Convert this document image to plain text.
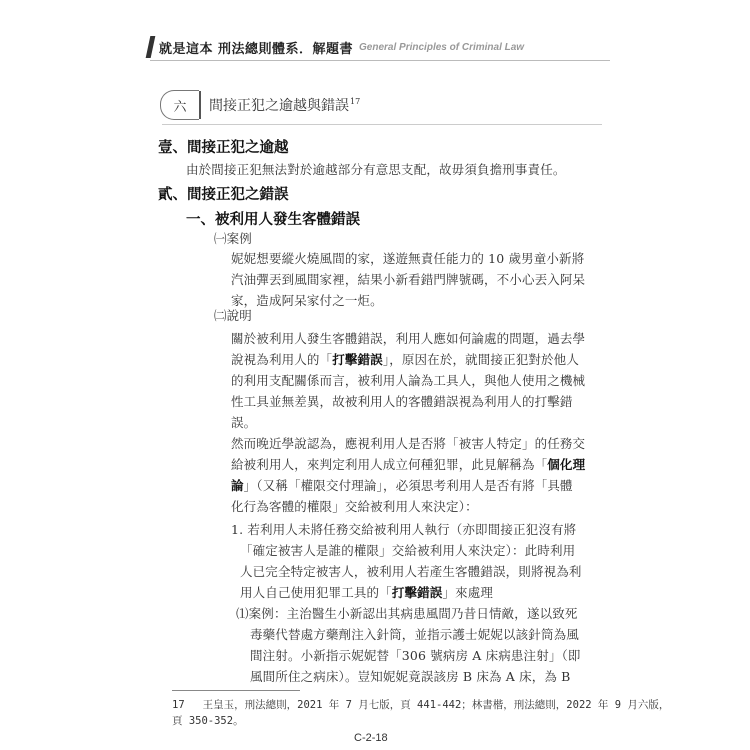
就是這本 刑法總則體系．解題書 General Principles of Criminal Law
六	間接正犯之逾越與錯誤$^{17}$
壹、間接正犯之逾越
由於間接正犯無法對於逾越部分有意思支配，故毋須負擔刑事責任。
貳、間接正犯之錯誤
一、被利用人發生客體錯誤
㈠案例
妮妮想要縱火燒風間的家，遂遊無責任能力的 10 歲男童小新將
汽油彈丟到風間家裡，結果小新看錯門牌號碼，不小心丟入阿呆
家，造成阿呆家付之一炬。
㈡說明
關於被利用人發生客體錯誤，利用人應如何論處的問題，過去學
說視為利用人的「打擊錯誤」，原因在於，就間接正犯對於他人
的利用支配關係而言，被利用人論為工具人，與他人使用之機械
性工具並無差異，故被利用人的客體錯誤視為利用人的打擊錯
誤。
然而晚近學說認為，應視利用人是否將「被害人特定」的任務交
給被利用人，來判定利用人成立何種犯罪，此見解稱為「個化理
論」（又稱「權限交付理論」，必須思考利用人是否有將「具體
化行為客體的權限」交給被利用人來決定）：
1. 若利用人未將任務交給被利用人執行（亦即間接正犯沒有將
「確定被害人是誰的權限」交給被利用人來決定）：此時利用
人已完全特定被害人，被利用人若產生客體錯誤，則將視為利
用人自己使用犯罪工具的「打擊錯誤」來處理
⑴案例：主治醫生小新認出其病患風間乃昔日情敵，遂以致死
毒藥代替處方藥劑注入針筒，並指示護士妮妮以該針筒為風
間注射。小新指示妮妮替「306 號病房 A 床病患注射」（即
風間所住之病床）。豈知妮妮竟誤該房 B 床為 A 床，為 B
17 王皇玉，刑法總則，2021 年 7 月七版，頁 441-442；林書楷，刑法總則，2022 年 9 月六版，
頁 350-352。
C-2-18
